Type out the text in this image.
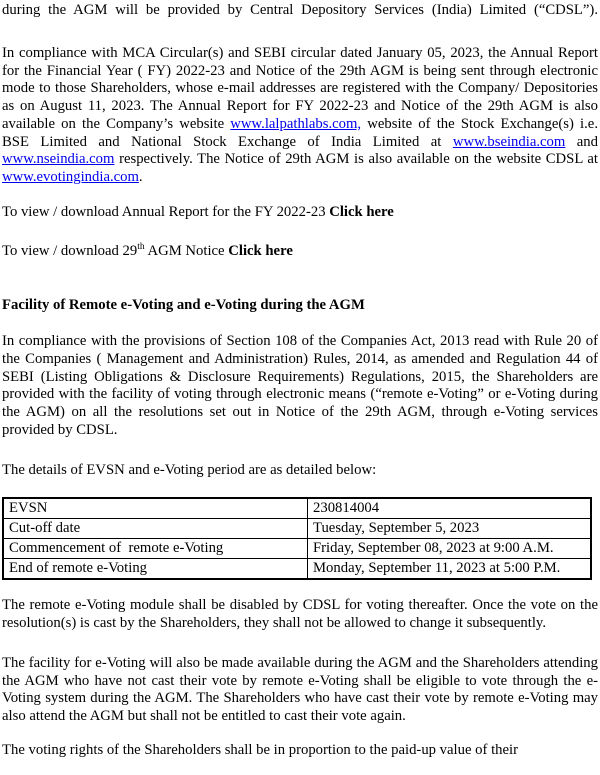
during the AGM will be provided by Central Depository Services (India) Limited (“CDSL”).

In compliance with MCA Circular(s) and SEBI circular dated January 05, 2023, the Annual Report for the Financial Year ( FY) 2022-23 and Notice of the 29th AGM is being sent through electronic mode to those Shareholders, whose e-mail addresses are registered with the Company/ Depositories as on August 11, 2023. The Annual Report for FY 2022-23 and Notice of the 29th AGM is also available on the Company’s website www.lalpathlabs.com, website of the Stock Exchange(s) i.e. BSE Limited and National Stock Exchange of India Limited at www.bseindia.com and www.nseindia.com respectively. The Notice of 29th AGM is also available on the website CDSL at www.evotingindia.com.

To view / download Annual Report for the FY 2022-23 Click here

To view / download 29th AGM Notice Click here

Facility of Remote e-Voting and e-Voting during the AGM

In compliance with the provisions of Section 108 of the Companies Act, 2013 read with Rule 20 of the Companies ( Management and Administration) Rules, 2014, as amended and Regulation 44 of SEBI (Listing Obligations & Disclosure Requirements) Regulations, 2015, the Shareholders are provided with the facility of voting through electronic means (“remote e-Voting” or e-Voting during the AGM) on all the resolutions set out in Notice of the 29th AGM, through e-Voting services provided by CDSL.

The details of EVSN and e-Voting period are as detailed below:

EVSN	230814004
Cut-off date	Tuesday, September 5, 2023
Commencement of  remote e-Voting	Friday, September 08, 2023 at 9:00 A.M.
End of remote e-Voting	Monday, September 11, 2023 at 5:00 P.M.

The remote e-Voting module shall be disabled by CDSL for voting thereafter. Once the vote on the resolution(s) is cast by the Shareholders, they shall not be allowed to change it subsequently.

The facility for e-Voting will also be made available during the AGM and the Shareholders attending the AGM who have not cast their vote by remote e-Voting shall be eligible to vote through the e-Voting system during the AGM. The Shareholders who have cast their vote by remote e-Voting may also attend the AGM but shall not be entitled to cast their vote again.

The voting rights of the Shareholders shall be in proportion to the paid-up value of their
